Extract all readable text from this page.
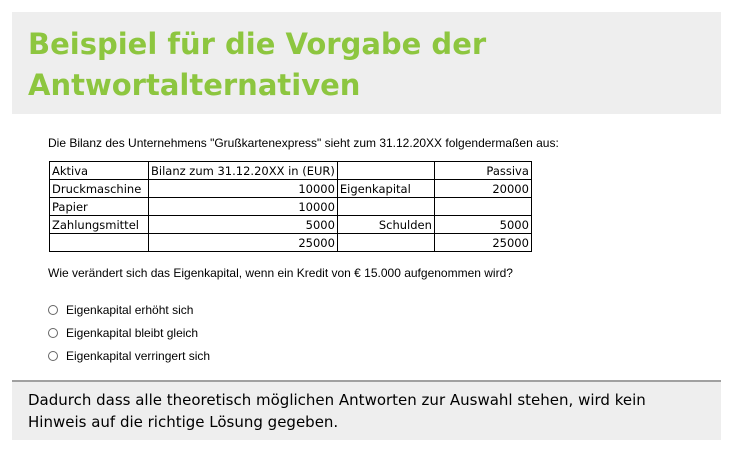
Beispiel für die Vorgabe der
Antwortalternativen
Die Bilanz des Unternehmens "Grußkartenexpress" sieht zum 31.12.20XX folgendermaßen aus:
Aktiva	Bilanz zum 31.12.20XX in (EUR)		Passiva
Druckmaschine	10000	Eigenkapital	20000
Papier	10000		
Zahlungsmittel	5000	Schulden	5000
	25000		25000
Wie verändert sich das Eigenkapital, wenn ein Kredit von € 15.000 aufgenommen wird?
Eigenkapital erhöht sich
Eigenkapital bleibt gleich
Eigenkapital verringert sich
Dadurch dass alle theoretisch möglichen Antworten zur Auswahl stehen, wird kein Hinweis auf die richtige Lösung gegeben.
